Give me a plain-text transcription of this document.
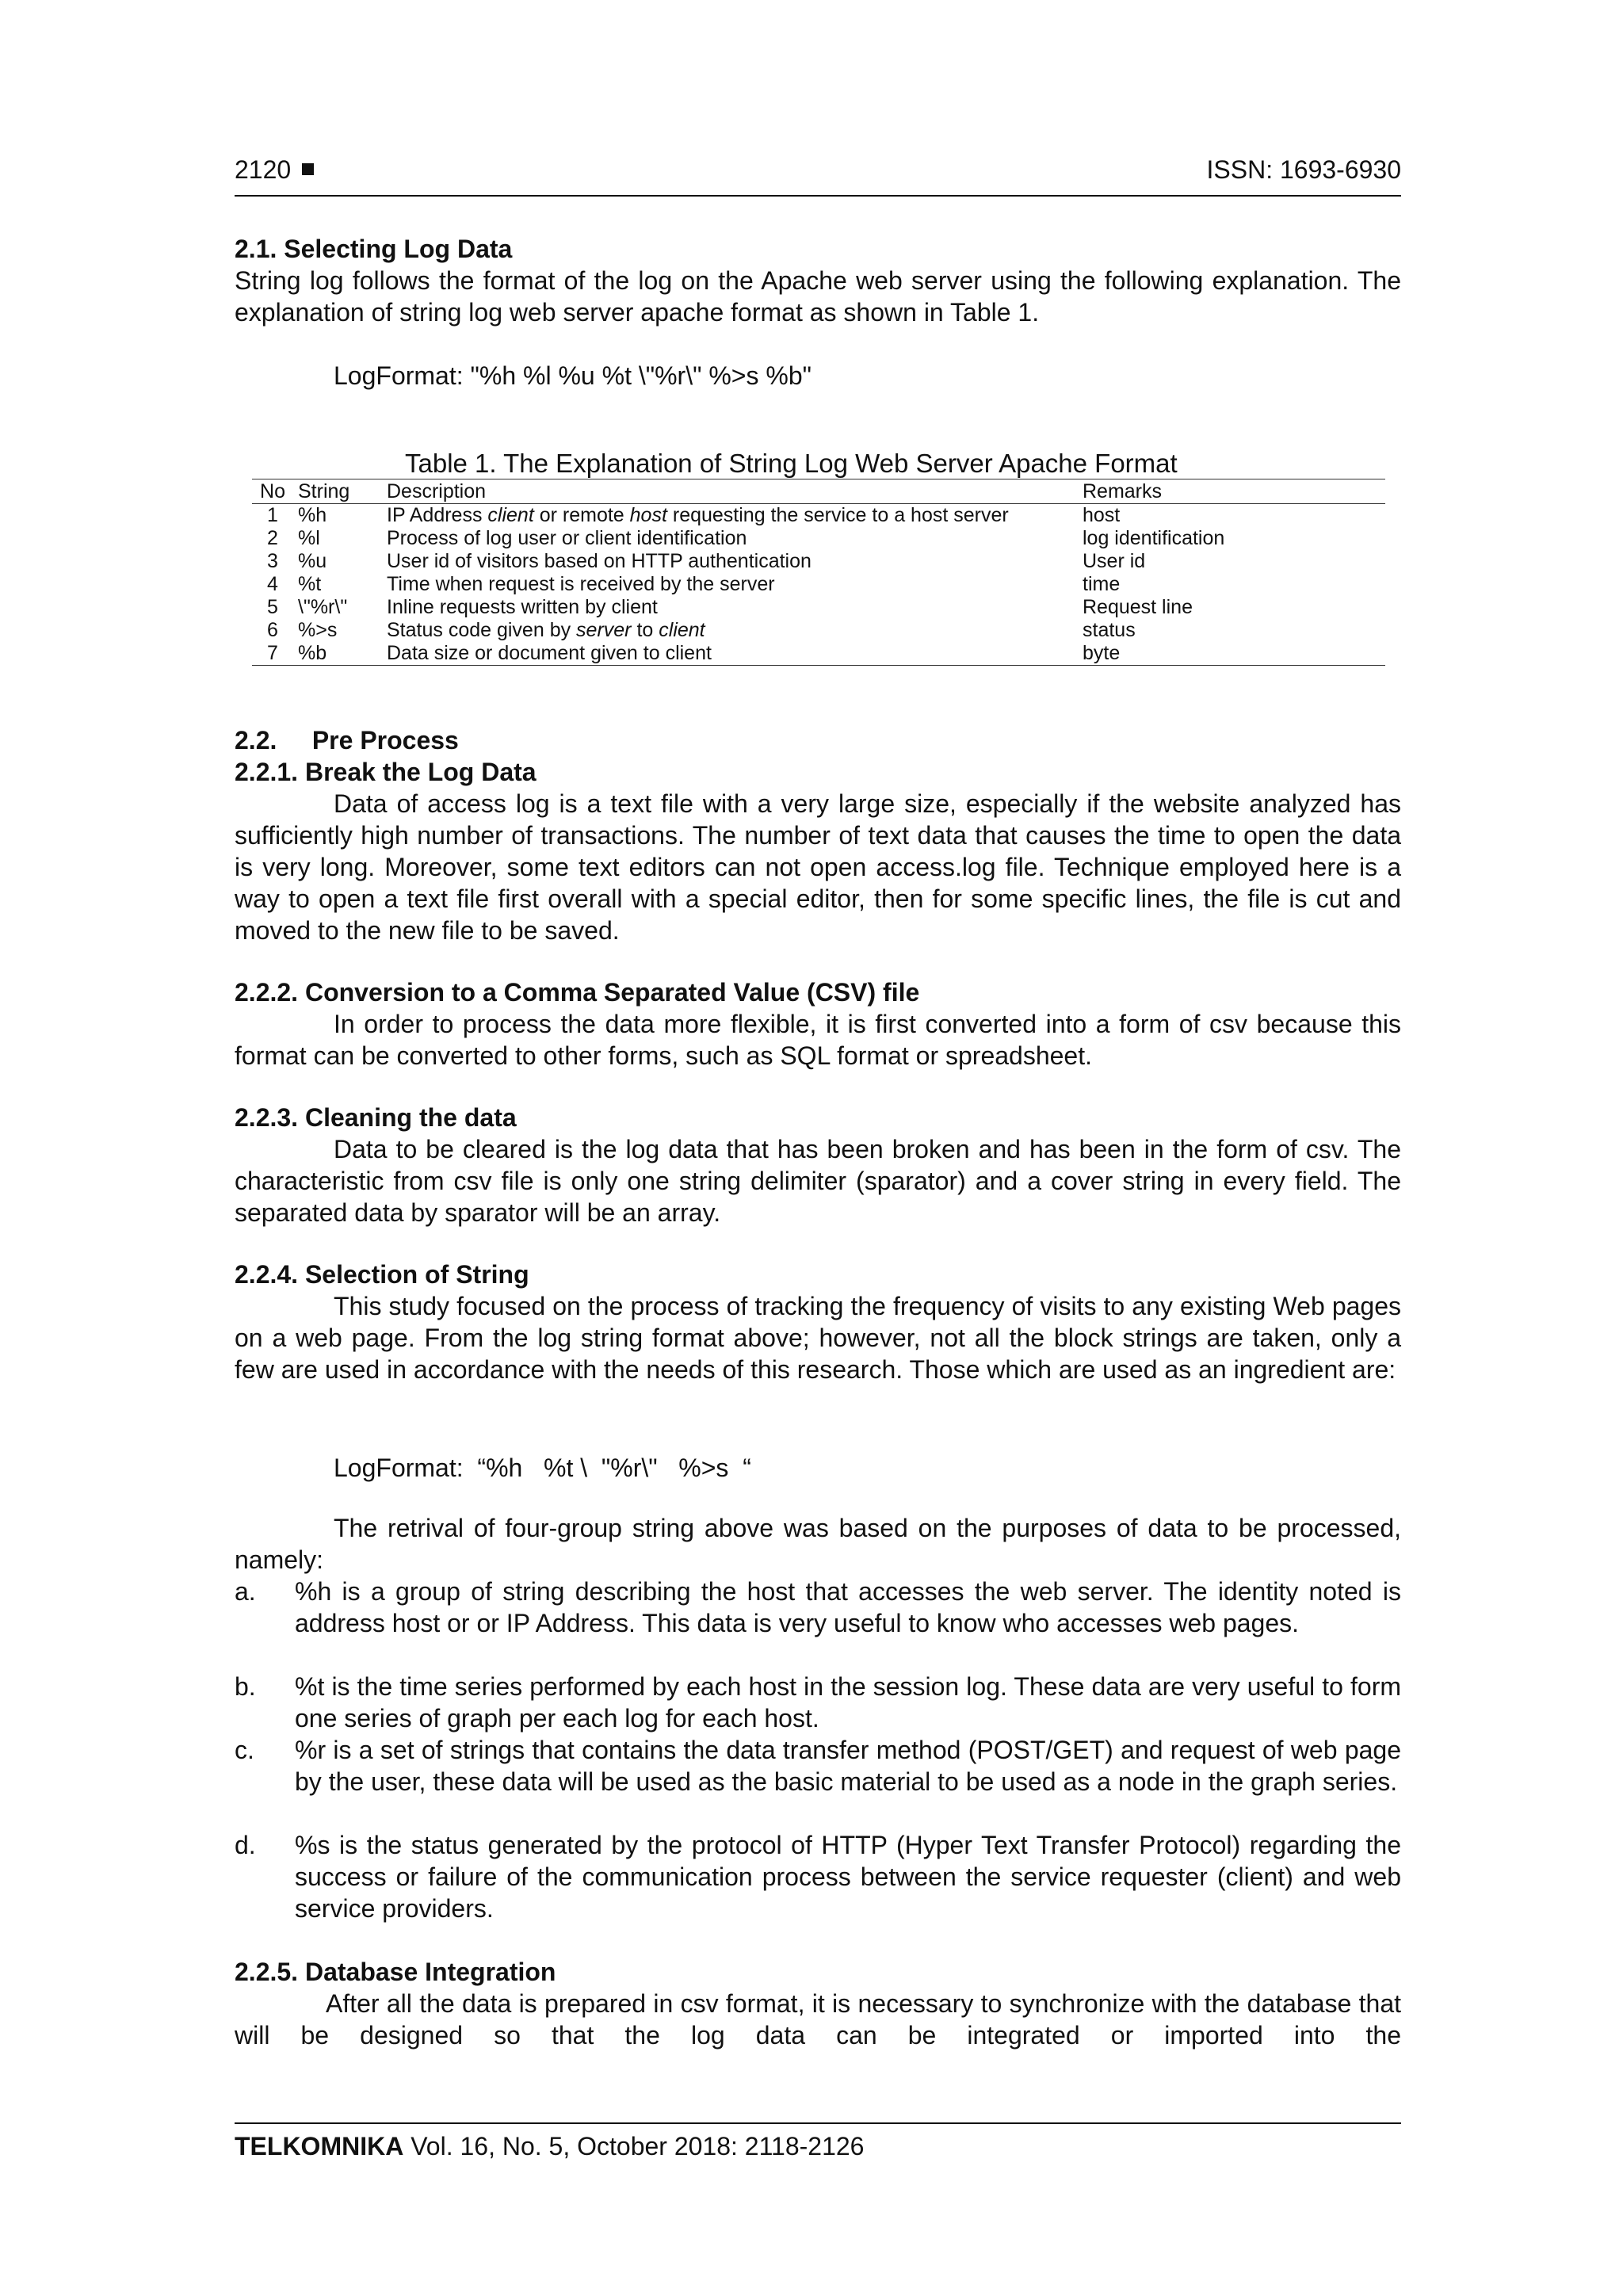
2120	ISSN: 1693-6930
2.1. Selecting Log Data
String log follows the format of the log on the Apache web server using the following explanation. The explanation of string log web server apache format as shown in Table 1.
LogFormat: "%h %l %u %t \"%r\" %>s %b"
Table 1. The Explanation of String Log Web Server Apache Format
No	String	Description	Remarks
1	%h	IP Address client or remote host requesting the service to a host server	host
2	%l	Process of log user or client identification	log identification
3	%u	User id of visitors based on HTTP authentication	User id
4	%t	Time when request is received by the server	time
5	\"%r\"	Inline requests written by client	Request line
6	%>s	Status code given by server to client	status
7	%b	Data size or document given to client	byte
2.2.     Pre Process
2.2.1. Break the Log Data
Data of access log is a text file with a very large size, especially if the website analyzed has sufficiently high number of transactions. The number of text data that causes the time to open the data is very long. Moreover, some text editors can not open access.log file. Technique employed here is a way to open a text file first overall with a special editor, then for some specific lines, the file is cut and moved to the new file to be saved.
2.2.2. Conversion to a Comma Separated Value (CSV) file
In order to process the data more flexible, it is first converted into a form of csv because this format can be converted to other forms, such as SQL format or spreadsheet.
2.2.3. Cleaning the data
Data to be cleared is the log data that has been broken and has been in the form of csv. The characteristic from csv file is only one string delimiter (sparator) and a cover string in every field. The separated data by sparator will be an array.
2.2.4. Selection of String
This study focused on the process of tracking the frequency of visits to any existing Web pages on a web page. From the log string format above; however, not all the block strings are taken, only a few are used in accordance with the needs of this research. Those which are used as an ingredient are:
LogFormat:  “%h   %t \  "%r\"   %>s  “
The retrival of four-group string above was based on the purposes of data to be processed, namely:
a. %h is a group of string describing the host that accesses the web server. The identity noted is address host or or IP Address. This data is very useful to know who accesses web pages.
b. %t is the time series performed by each host in the session log. These data are very useful to form one series of graph per each log for each host.
c. %r is a set of strings that contains the data transfer method (POST/GET) and request of web page by the user, these data will be used as the basic material to be used as a node in the graph series.
d. %s is the status generated by the protocol of HTTP (Hyper Text Transfer Protocol) regarding the success or failure of the communication process between the service requester (client) and web service providers.
2.2.5. Database Integration
After all the data is prepared in csv format, it is necessary to synchronize with the database that will be designed so that the log data can be integrated or imported into the
TELKOMNIKA Vol. 16, No. 5, October 2018: 2118-2126
